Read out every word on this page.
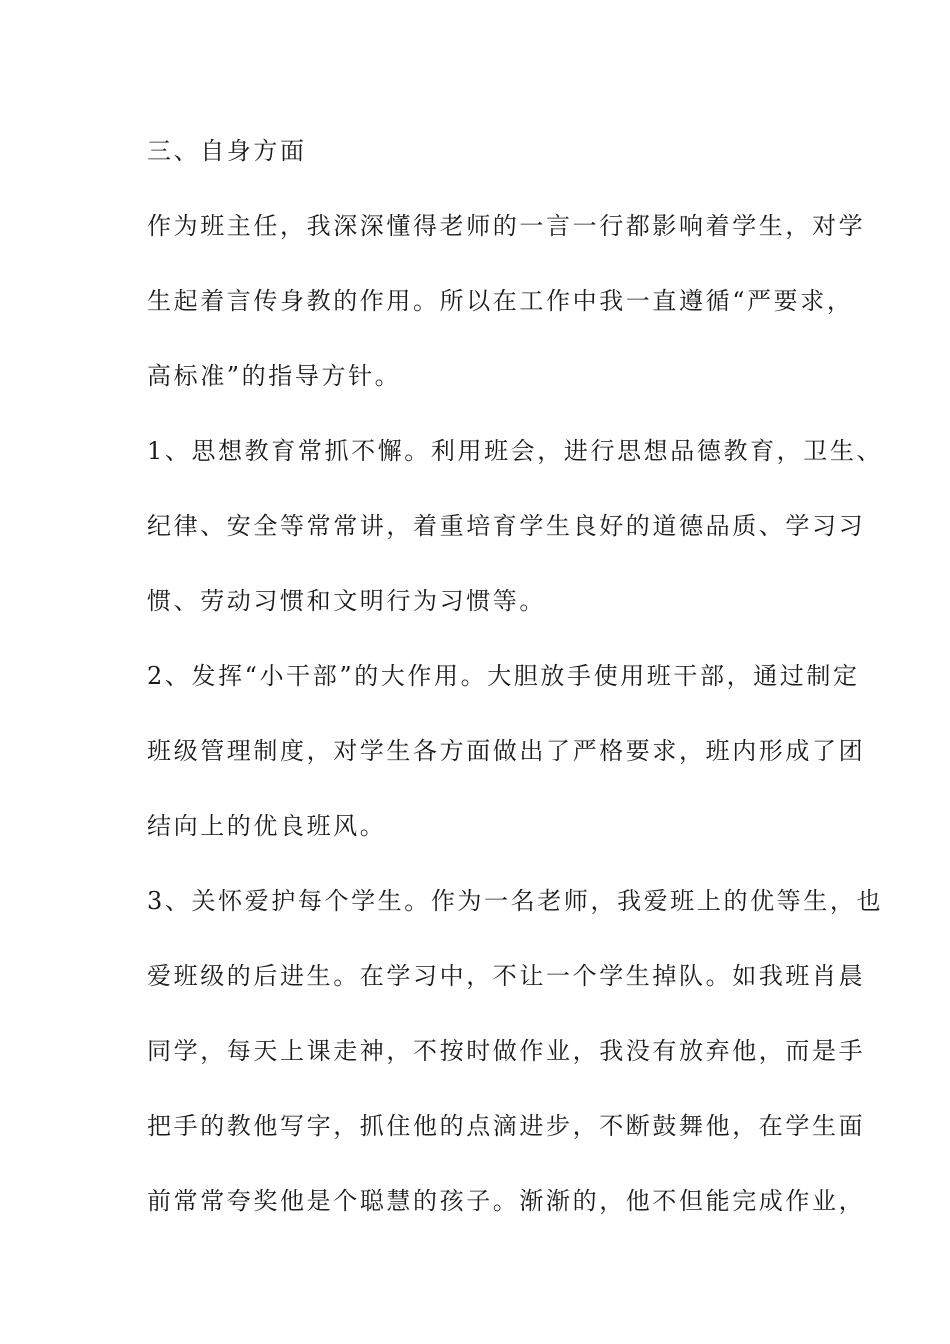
三、自身方面
作为班主任，我深深懂得老师的一言一行都影响着学生，对学
生起着言传身教的作用。所以在工作中我一直遵循“严要求，
高标准”的指导方针。
1、思想教育常抓不懈。利用班会，进行思想品德教育，卫生、
纪律、安全等常常讲，着重培育学生良好的道德品质、学习习
惯、劳动习惯和文明行为习惯等。
2、发挥“小干部”的大作用。大胆放手使用班干部，通过制定
班级管理制度，对学生各方面做出了严格要求，班内形成了团
结向上的优良班风。
3、关怀爱护每个学生。作为一名老师，我爱班上的优等生，也
爱班级的后进生。在学习中，不让一个学生掉队。如我班肖晨
同学，每天上课走神，不按时做作业，我没有放弃他，而是手
把手的教他写字，抓住他的点滴进步，不断鼓舞他，在学生面
前常常夸奖他是个聪慧的孩子。渐渐的，他不但能完成作业，
